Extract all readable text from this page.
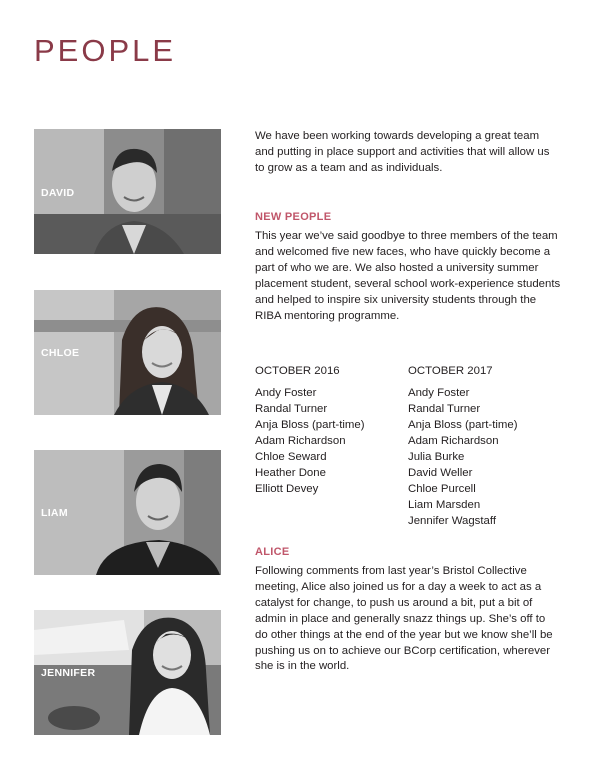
PEOPLE
DAVID
CHLOE
LIAM
JENNIFER

We have been working towards developing a great team and putting in place support and activities that will allow us to grow as a team and as individuals.

NEW PEOPLE

This year we’ve said goodbye to three members of the team and welcomed five new faces, who have quickly become a part of who we are. We also hosted a university summer placement student, several school work-experience students and helped to inspire six university students through the RIBA mentoring programme.

OCTOBER 2016
Andy Foster
Randal Turner
Anja Bloss (part-time)
Adam Richardson
Chloe Seward
Heather Done
Elliott Devey
OCTOBER 2017
Andy Foster
Randal Turner
Anja Bloss (part-time)
Adam Richardson
Julia Burke
David Weller
Chloe Purcell
Liam Marsden
Jennifer Wagstaff
ALICE

Following comments from last year’s Bristol Collective meeting, Alice also joined us for a day a week to act as a catalyst for change, to push us around a bit, put a bit of admin in place and generally snazz things up. She’s off to do other things at the end of the year but we know she’ll be pushing us on to achieve our BCorp certification, wherever she is in the world.
